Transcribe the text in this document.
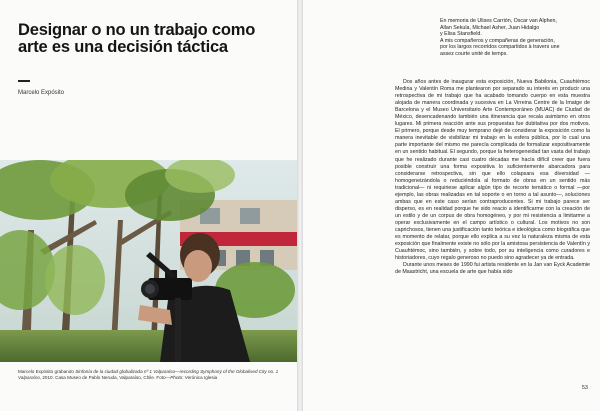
Designar o no un trabajo como arte es una decisión táctica
Marcelo Expósito
Marcelo Expósito grabando Sinfonía de la ciudad globalizada nº 1 Valparaíso—recording Symphony of the Globalised City no. 1 Valparaíso, 2010. Casa Museo de Pablo Neruda, Valparaíso, Chile. Foto—Photo: Verónica Iglesia
En memoria de Ulises Carrión, Oscar van Alphen,
Allan Sekula, Michael Asher, Juan Hidalgo
y Elisa Stansfield.
A mis compañeros y compañeras de generación,
por los largos recorridos compartidos à travers une
assez courte unité de temps.

Dos años antes de inaugurar esta exposición, Nueva Babilonia, Cuauhtémoc Medina y Valentín Roma me plantearon por separado su interés en producir una retrospectiva de mi trabajo que ha acabado tomando cuerpo en esta muestra alojada de manera coordinada y sucesiva en La Virreina Centre de la Imatge de Barcelona y el Museo Universitario Arte Contemporáneo (MUAC) de Ciudad de México, desencadenando también una itinerancia que recala asimismo en otros lugares. Mi primera reacción ante sus propuestas fue dubitativa por dos motivos. El primero, porque desde muy temprano dejé de considerar la exposición como la manera inevitable de visibilizar mi trabajo en la esfera pública, por lo cual una parte importante del mismo me parecía complicada de formalizar expositivamente en un sentido habitual. El segundo, porque la heterogeneidad tan vasta del trabajo que he realizado durante casi cuatro décadas me hacía difícil creer que fuera posible construir una forma expositiva lo suficientemente abarcadora para considerarse retrospectiva, sin que ello colapsara esa diversidad —homogeneizándola o reduciéndola al formato de obras en un sentido más tradicional— ni requiriese aplicar algún tipo de recorte temático o formal —por ejemplo, las obras realizadas en tal soporte o en torno a tal asunto—, soluciones ambas que en este caso serían contraproducentes. Si mi trabajo parece ser disperso, es en realidad porque he sido reacio a identificarme con la creación de un estilo y de un corpus de obra homogéneo, y por mi resistencia a limitarme a operar exclusivamente en el campo artístico o cultural. Los motivos no son caprichosos, tienen una justificación tanto teórica e ideológica como biográfica que es momento de relatar, porque ello explica a su vez la naturaleza misma de esta exposición que finalmente existe no sólo por la amistosa persistencia de Valentín y Cuauhtémoc, sino también, y sobre todo, por su inteligencia como curadores e historiadores, cuyo regalo generoso no puedo sino agradecer ya de entrada.

Durante unos meses de 1990 fui artista residente en la Jan van Eyck Academie de Maastricht, una escuela de arte que había sido

53
